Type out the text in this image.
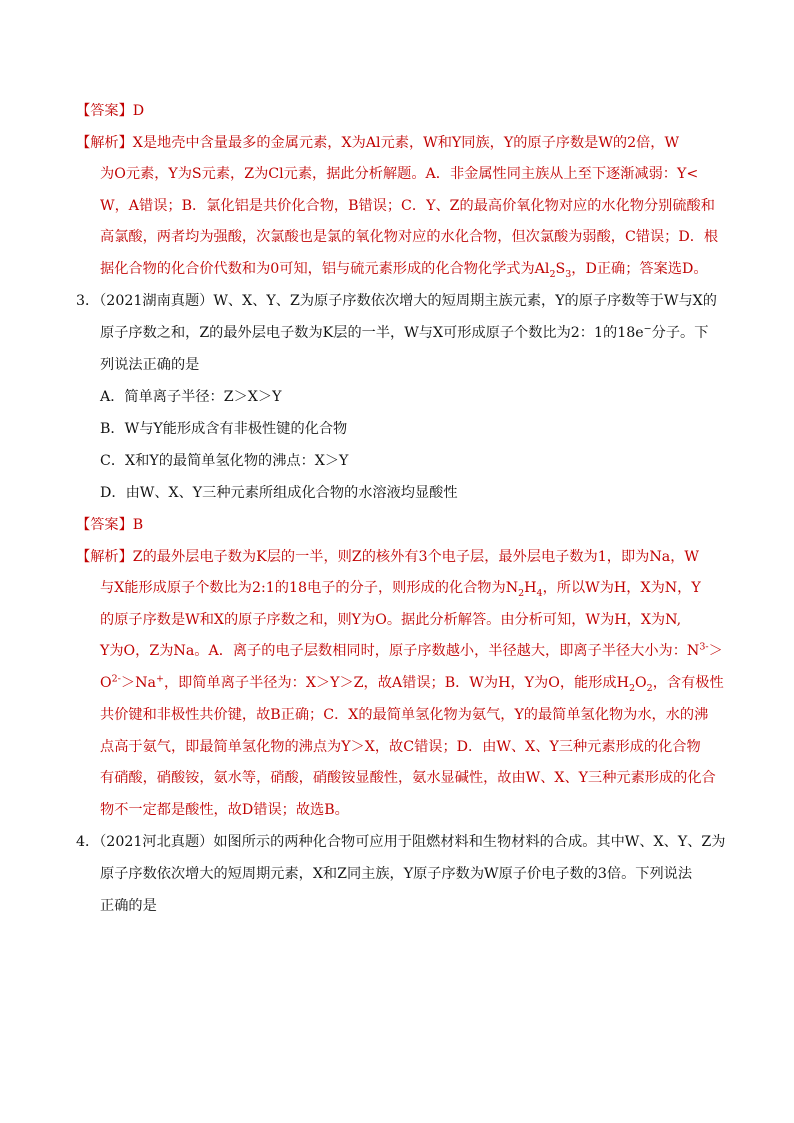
【答案】D
【解析】X是地壳中含量最多的金属元素，X为Al元素，W和Y同族，Y的原子序数是W的2倍，W
为O元素，Y为S元素，Z为Cl元素，据此分析解题。A．非金属性同主族从上至下逐渐减弱：Y<
W，A错误；B．氯化铝是共价化合物，B错误；C．Y、Z的最高价氧化物对应的水化物分别硫酸和
高氯酸，两者均为强酸，次氯酸也是氯的氧化物对应的水化合物，但次氯酸为弱酸，C错误；D．根
据化合物的化合价代数和为0可知，铝与硫元素形成的化合物化学式为$Al_2S_3$，D正确；答案选D。
3．（2021湖南真题）W、X、Y、Z为原子序数依次增大的短周期主族元素，Y的原子序数等于W与X的
原子序数之和，Z的最外层电子数为K层的一半，W与X可形成原子个数比为2：1的18e−分子。下
列说法正确的是
A．简单离子半径：Z＞X＞Y
B．W与Y能形成含有非极性键的化合物
C．X和Y的最简单氢化物的沸点：X＞Y
D．由W、X、Y三种元素所组成化合物的水溶液均显酸性
【答案】B
【解析】Z的最外层电子数为K层的一半，则Z的核外有3个电子层，最外层电子数为1，即为Na，W
与X能形成原子个数比为2:1的18电子的分子，则形成的化合物为$N_2H_4$，所以W为H，X为N，Y
的原子序数是W和X的原子序数之和，则Y为O。据此分析解答。由分析可知，W为H，X为N,
Y为O，Z为Na。A．离子的电子层数相同时，原子序数越小，半径越大，即离子半径大小为：$N^{3-}>$
$O^{2-}>Na^+$，即简单离子半径为：X＞Y＞Z，故A错误；B．W为H，Y为O，能形成$H_2O_2$，含有极性
共价键和非极性共价键，故B正确；C．X的最简单氢化物为氨气，Y的最简单氢化物为水，水的沸
点高于氨气，即最简单氢化物的沸点为Y＞X，故C错误；D．由W、X、Y三种元素形成的化合物
有硝酸，硝酸铵，氨水等，硝酸，硝酸铵显酸性，氨水显碱性，故由W、X、Y三种元素形成的化合
物不一定都是酸性，故D错误；故选B。
4．（2021河北真题）如图所示的两种化合物可应用于阻燃材料和生物材料的合成。其中W、X、Y、Z为
原子序数依次增大的短周期元素，X和Z同主族，Y原子序数为W原子价电子数的3倍。下列说法
正确的是
